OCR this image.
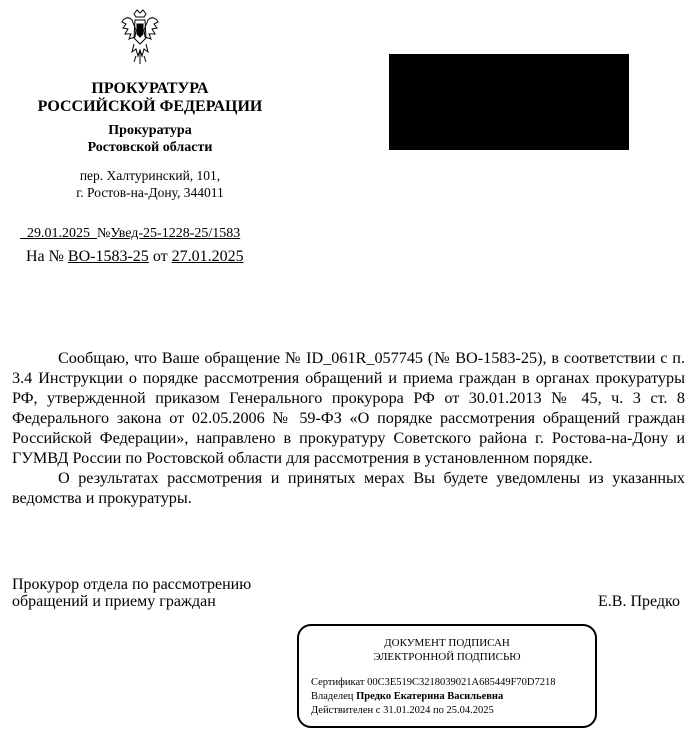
ПРОКУРАТУРА
РОССИЙСКОЙ ФЕДЕРАЦИИ
Прокуратура
Ростовской области
пер. Халтуринский, 101,
г. Ростов-на-Дону, 344011
29.01.2025 №Увед-25-1228-25/1583
На № ВО-1583-25 от 27.01.2025

Сообщаю, что Ваше обращение № ID_061R_057745 (№ ВО-1583-25), в соответствии с п. 3.4 Инструкции о порядке рассмотрения обращений и приема граждан в органах прокуратуры РФ, утвержденной приказом Генерального прокурора РФ от 30.01.2013 № 45, ч. 3 ст. 8 Федерального закона от 02.05.2006 № 59-ФЗ «О порядке рассмотрения обращений граждан Российской Федерации», направлено в прокуратуру Советского района г. Ростова-на-Дону и ГУМВД России по Ростовской области для рассмотрения в установленном порядке.

О результатах рассмотрения и принятых мерах Вы будете уведомлены из указанных ведомства и прокуратуры.

Прокурор отдела по рассмотрению
обращений и приему граждан	Е.В. Предко
ДОКУМЕНТ ПОДПИСАН
ЭЛЕКТРОННОЙ ПОДПИСЬЮ
Сертификат 00C3E519C3218039021A685449F70D7218
Владелец Предко Екатерина Васильевна
Действителен с 31.01.2024 по 25.04.2025
